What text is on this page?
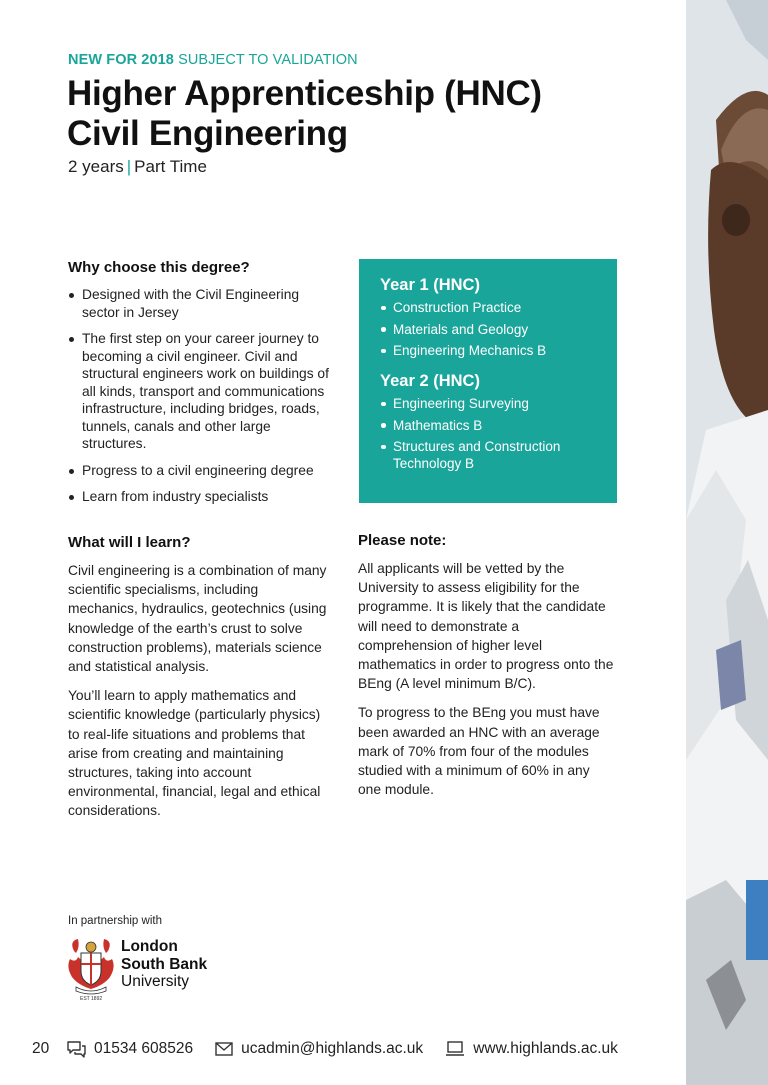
NEW FOR 2018 SUBJECT TO VALIDATION
Higher Apprenticeship (HNC)
Civil Engineering
2 years | Part Time
Why choose this degree?
Designed with the Civil Engineering sector in Jersey
The first step on your career journey to becoming a civil engineer. Civil and structural engineers work on buildings of all kinds, transport and communications infrastructure, including bridges, roads, tunnels, canals and other large structures.
Progress to a civil engineering degree
Learn from industry specialists
Year 1 (HNC)
Construction Practice
Materials and Geology
Engineering Mechanics B
Year 2 (HNC)
Engineering Surveying
Mathematics B
Structures and Construction Technology B
What will I learn?

Civil engineering is a combination of many scientific specialisms, including mechanics, hydraulics, geotechnics (using knowledge of the earth’s crust to solve construction problems), materials science and statistical analysis.

You’ll learn to apply mathematics and scientific knowledge (particularly physics) to real-life situations and problems that arise from creating and maintaining structures, taking into account environmental, financial, legal and ethical considerations.

Please note:

All applicants will be vetted by the University to assess eligibility for the programme. It is likely that the candidate will need to demonstrate a comprehension of higher level mathematics in order to progress onto the BEng (A level minimum B/C).

To progress to the BEng you must have been awarded an HNC with an average mark of 70% from four of the modules studied with a minimum of 60% in any one module.

In partnership with
EST 1892
London
South Bank
University
20	01534 608526	ucadmin@highlands.ac.uk	www.highlands.ac.uk
